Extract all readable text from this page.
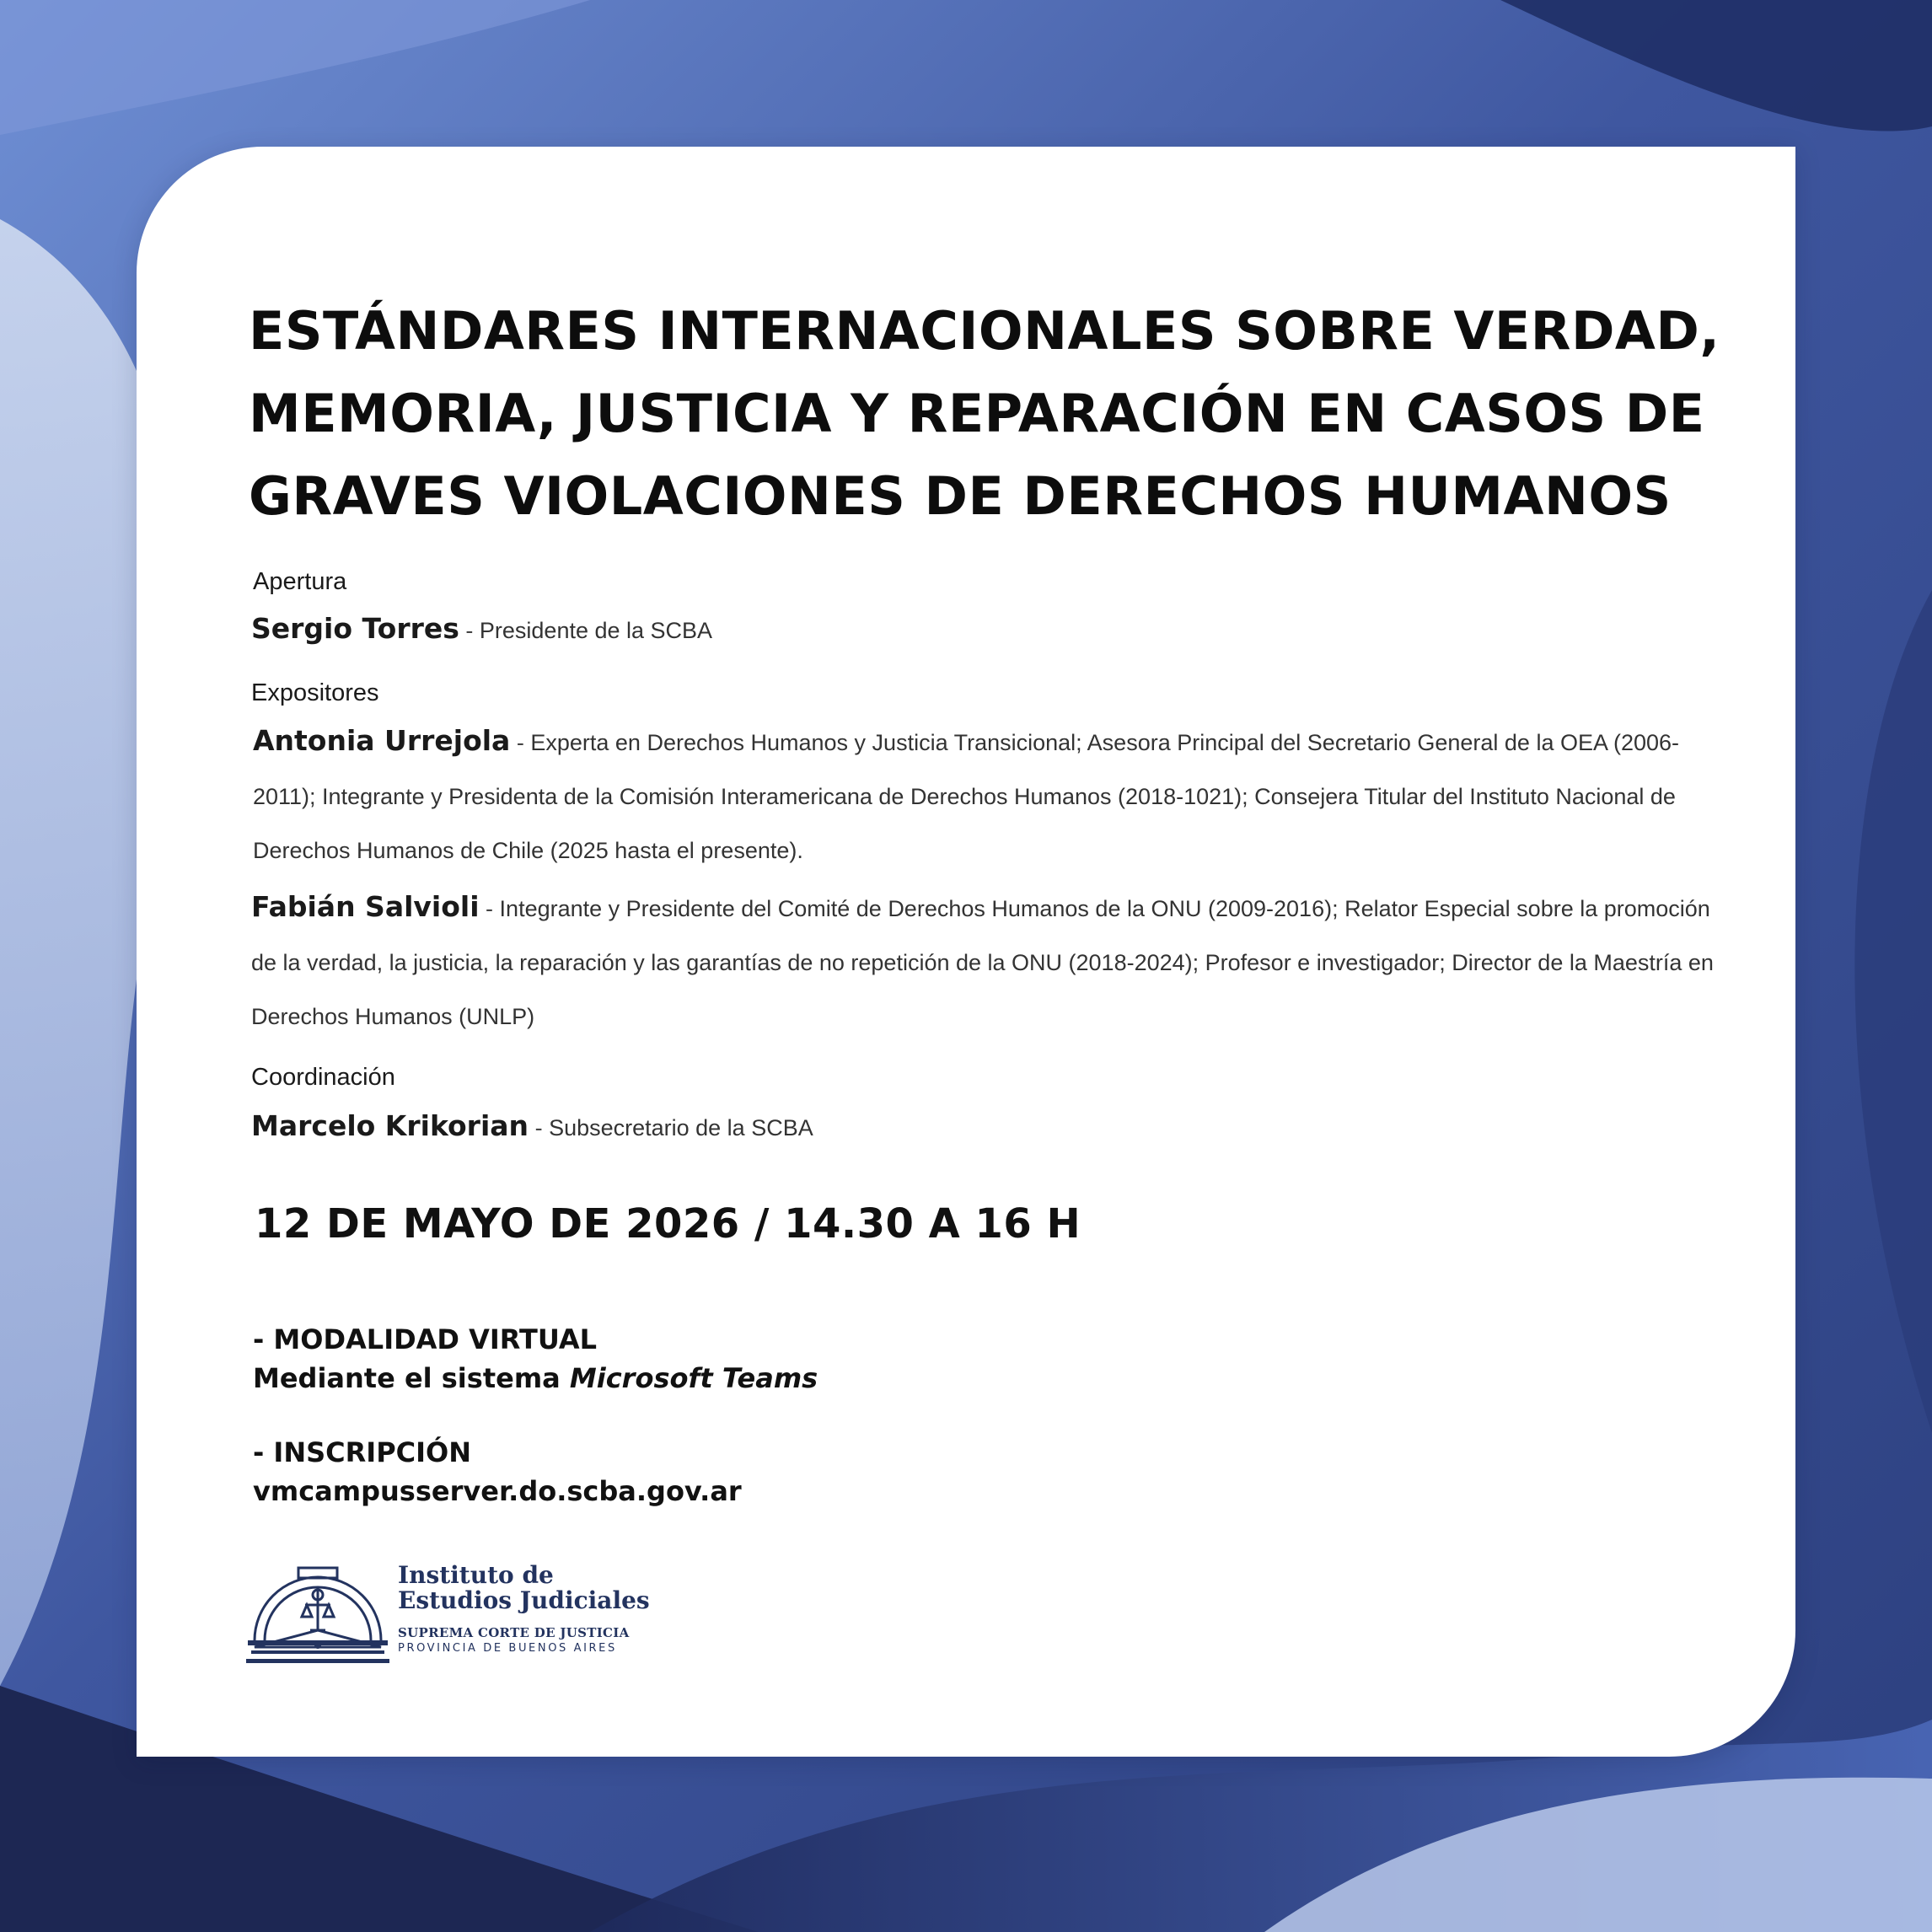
ESTÁNDARES INTERNACIONALES SOBRE VERDAD,
MEMORIA, JUSTICIA Y REPARACIÓN EN CASOS DE
GRAVES VIOLACIONES DE DERECHOS HUMANOS
Apertura

Sergio Torres - Presidente de la SCBA

Expositores

Antonia Urrejola - Experta en Derechos Humanos y Justicia Transicional; Asesora Principal del Secretario General de la OEA (2006-2011); Integrante y Presidenta de la Comisión Interamericana de Derechos Humanos (2018-1021); Consejera Titular del Instituto Nacional de Derechos Humanos de Chile (2025 hasta el presente).

Fabián Salvioli - Integrante y Presidente del Comité de Derechos Humanos de la ONU (2009-2016); Relator Especial sobre la promoción de la verdad, la justicia, la reparación y las garantías de no repetición de la ONU (2018-2024); Profesor e investigador; Director de la Maestría en Derechos Humanos (UNLP)

Coordinación

Marcelo Krikorian - Subsecretario de la SCBA

12 DE MAYO DE 2026 / 14.30 A 16 H
- MODALIDAD VIRTUAL
Mediante el sistema Microsoft Teams
- INSCRIPCIÓN
vmcampusserver.do.scba.gov.ar
Instituto de
Estudios Judiciales
SUPREMA CORTE DE JUSTICIA
PROVINCIA DE BUENOS AIRES
